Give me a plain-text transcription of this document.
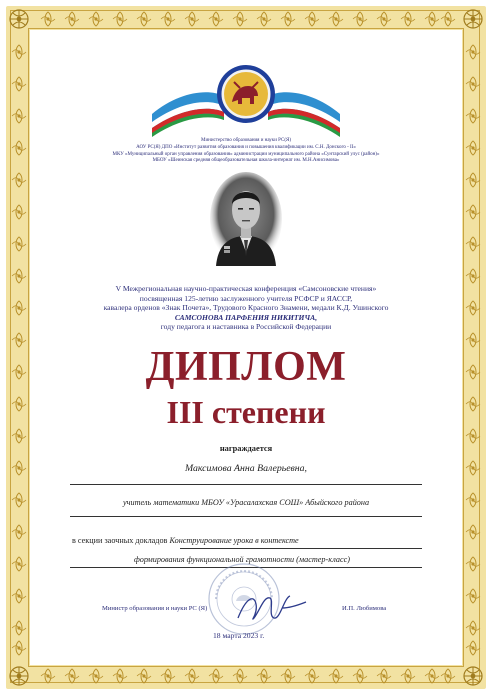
Министерство образования и науки РС(Я)
АОУ РС(Я) ДПО «Институт развития образования и повышения квалификации им. С.Н. Донского - II»
МКУ «Муниципальный орган управления образования» администрации муниципального района «Сунтарский улус (район)»
МБОУ «Шеинская средняя общеобразовательная школа-интернат им. М.Н.Анисимова»
V Межрегиональная научно-практическая конференция «Самсоновские чтения»
посвященная 125-летию заслуженного учителя РСФСР и ЯАССР,
кавалера орденов «Знак Почета», Трудового Красного Знамени, медали К.Д. Ушинского
САМСОНОВА ПАРФЕНИЯ НИКИТИЧА,
году педагога и наставника в Российской Федерации
ДИПЛОМ
III степени
награждается
Максимова Анна Валерьевна,
учитель математики МБОУ «Урасалахская СОШ» Абыйского района
в секции заочных докладов Конструирование урока в контексте
формирования функциональной грамотности (мастер-класс)
Министр образования и науки РС (Я)	И.П. Любимова
18 марта 2023 г.
